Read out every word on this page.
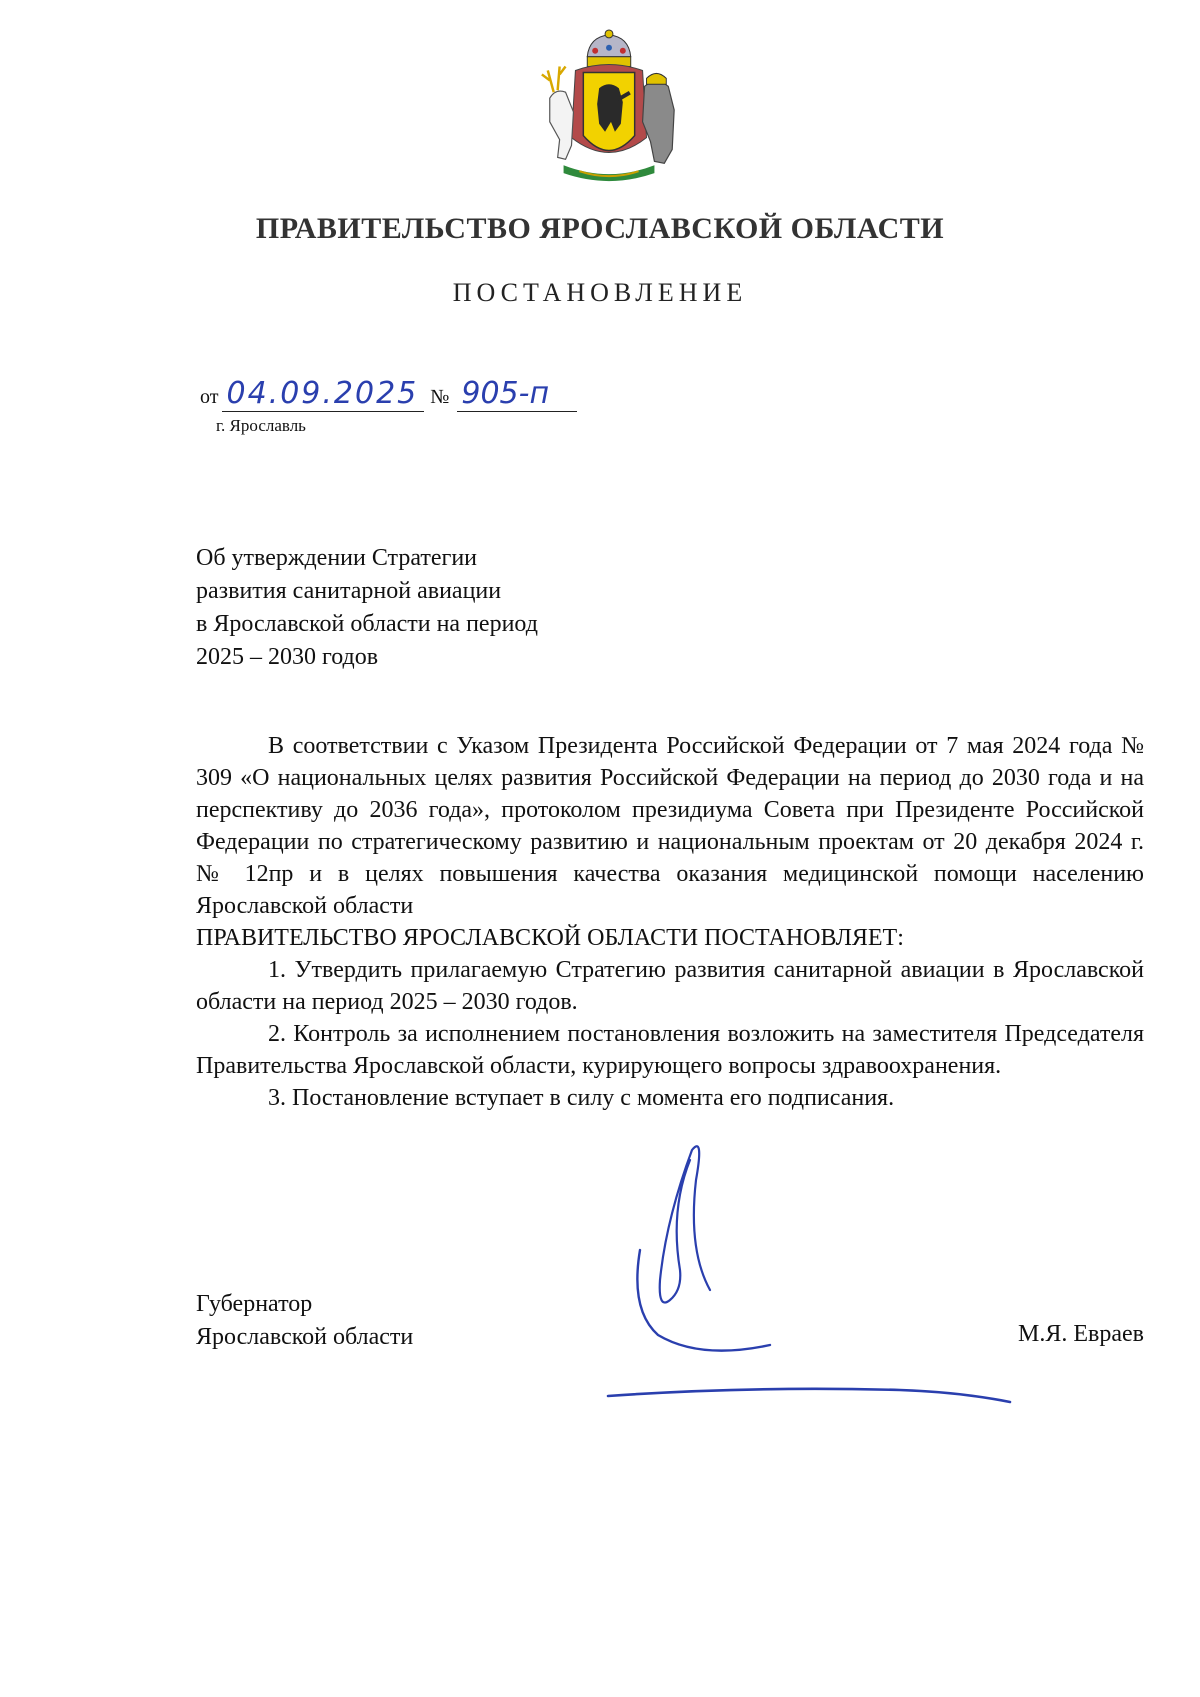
ПРАВИТЕЛЬСТВО ЯРОСЛАВСКОЙ ОБЛАСТИ
ПОСТАНОВЛЕНИЕ
от 04.09.2025 № 905-п
г. Ярославль
Об утверждении Стратегии
развития санитарной авиации
в Ярославской области на период
2025 – 2030 годов

В соответствии с Указом Президента Российской Федерации от 7 мая 2024 года № 309 «О национальных целях развития Российской Федерации на период до 2030 года и на перспективу до 2036 года», протоколом президиума Совета при Президенте Российской Федерации по стратегическому развитию и национальным проектам от 20 декабря 2024 г. № 12пр и в целях повышения качества оказания медицинской помощи населению Ярославской области

ПРАВИТЕЛЬСТВО ЯРОСЛАВСКОЙ ОБЛАСТИ ПОСТАНОВЛЯЕТ:

1. Утвердить прилагаемую Стратегию развития санитарной авиации в Ярославской области на период 2025 – 2030 годов.

2. Контроль за исполнением постановления возложить на заместителя Председателя Правительства Ярославской области, курирующего вопросы здравоохранения.

3. Постановление вступает в силу с момента его подписания.

Губернатор
Ярославской области	М.Я. Евраев
